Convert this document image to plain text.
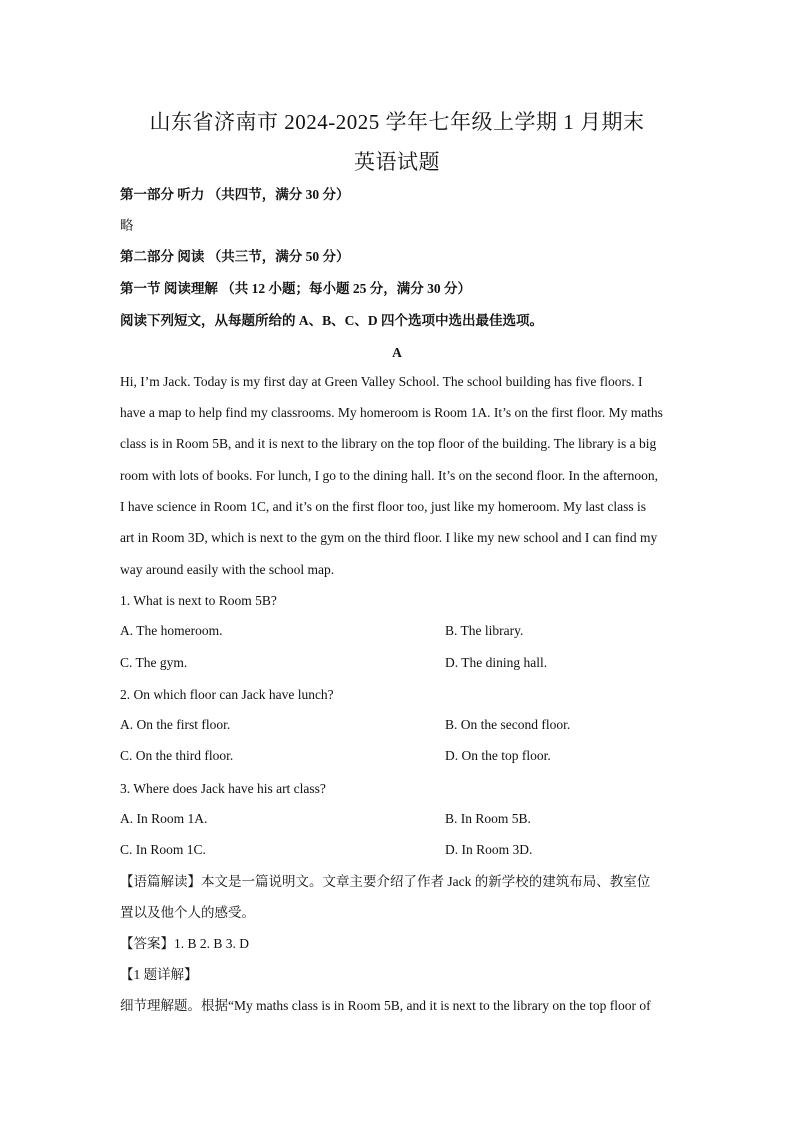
山东省济南市 2024-2025 学年七年级上学期 1 月期末
英语试题
第一部分 听力 （共四节，满分 30 分）
略
第二部分 阅读 （共三节，满分 50 分）
第一节 阅读理解 （共 12 小题；每小题 25 分，满分 30 分）
阅读下列短文，从每题所给的 A、B、C、D 四个选项中选出最佳选项。
A
Hi, I’m Jack. Today is my first day at Green Valley School. The school building has five floors. I
have a map to help find my classrooms. My homeroom is Room 1A. It’s on the first floor. My maths
class is in Room 5B, and it is next to the library on the top floor of the building. The library is a big
room with lots of books. For lunch, I go to the dining hall. It’s on the second floor. In the afternoon,
I have science in Room 1C, and it’s on the first floor too, just like my homeroom. My last class is
art in Room 3D, which is next to the gym on the third floor. I like my new school and I can find my
way around easily with the school map.
1. What is next to Room 5B?
A. The homeroom.	B. The library.
C. The gym.	D. The dining hall.
2. On which floor can Jack have lunch?
A. On the first floor.	B. On the second floor.
C. On the third floor.	D. On the top floor.
3. Where does Jack have his art class?
A. In Room 1A.	B. In Room 5B.
C. In Room 1C.	D. In Room 3D.
【语篇解读】本文是一篇说明文。文章主要介绍了作者 Jack 的新学校的建筑布局、教室位
置以及他个人的感受。
【答案】1. B 2. B 3. D
【1 题详解】
细节理解题。根据“My maths class is in Room 5B, and it is next to the library on the top floor of
